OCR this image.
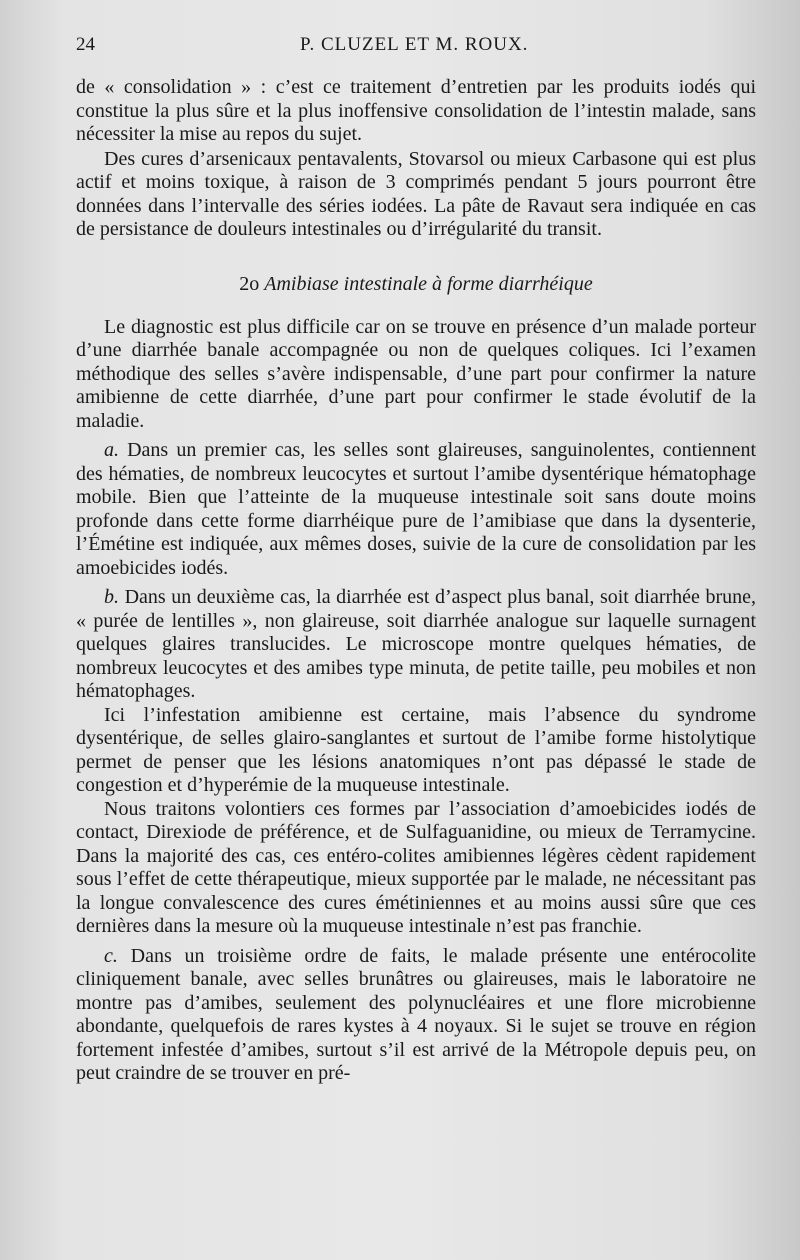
24	P. CLUZEL ET M. ROUX.

de « consolidation » : c’est ce traitement d’entretien par les produits iodés qui constitue la plus sûre et la plus inoffensive consolidation de l’intestin malade, sans nécessiter la mise au repos du sujet.

Des cures d’arsenicaux pentavalents, Stovarsol ou mieux Carbasone qui est plus actif et moins toxique, à raison de 3 comprimés pendant 5 jours pourront être données dans l’intervalle des séries iodées. La pâte de Ravaut sera indiquée en cas de persistance de douleurs intestinales ou d’irrégularité du transit.

2o Amibiase intestinale à forme diarrhéique

Le diagnostic est plus difficile car on se trouve en présence d’un malade porteur d’une diarrhée banale accompagnée ou non de quelques coliques. Ici l’examen méthodique des selles s’avère indispensable, d’une part pour confirmer la nature amibienne de cette diarrhée, d’une part pour confirmer le stade évolutif de la maladie.

a. Dans un premier cas, les selles sont glaireuses, sanguinolentes, contiennent des hématies, de nombreux leucocytes et surtout l’amibe dysentérique hématophage mobile. Bien que l’atteinte de la muqueuse intestinale soit sans doute moins profonde dans cette forme diarrhéique pure de l’amibiase que dans la dysenterie, l’Émétine est indiquée, aux mêmes doses, suivie de la cure de consolidation par les amoebicides iodés.

b. Dans un deuxième cas, la diarrhée est d’aspect plus banal, soit diarrhée brune, « purée de lentilles », non glaireuse, soit diarrhée analogue sur laquelle surnagent quelques glaires translucides. Le microscope montre quelques hématies, de nombreux leucocytes et des amibes type minuta, de petite taille, peu mobiles et non hématophages.

Ici l’infestation amibienne est certaine, mais l’absence du syndrome dysentérique, de selles glairo-sanglantes et surtout de l’amibe forme histolytique permet de penser que les lésions anatomiques n’ont pas dépassé le stade de congestion et d’hyperémie de la muqueuse intestinale.

Nous traitons volontiers ces formes par l’association d’amoebicides iodés de contact, Direxiode de préférence, et de Sulfaguanidine, ou mieux de Terramycine. Dans la majorité des cas, ces entéro-colites amibiennes légères cèdent rapidement sous l’effet de cette thérapeutique, mieux supportée par le malade, ne nécessitant pas la longue convalescence des cures émétiniennes et au moins aussi sûre que ces dernières dans la mesure où la muqueuse intestinale n’est pas franchie.

c. Dans un troisième ordre de faits, le malade présente une entérocolite cliniquement banale, avec selles brunâtres ou glaireuses, mais le laboratoire ne montre pas d’amibes, seulement des polynucléaires et une flore microbienne abondante, quelquefois de rares kystes à 4 noyaux. Si le sujet se trouve en région fortement infestée d’amibes, surtout s’il est arrivé de la Métropole depuis peu, on peut craindre de se trouver en pré-
